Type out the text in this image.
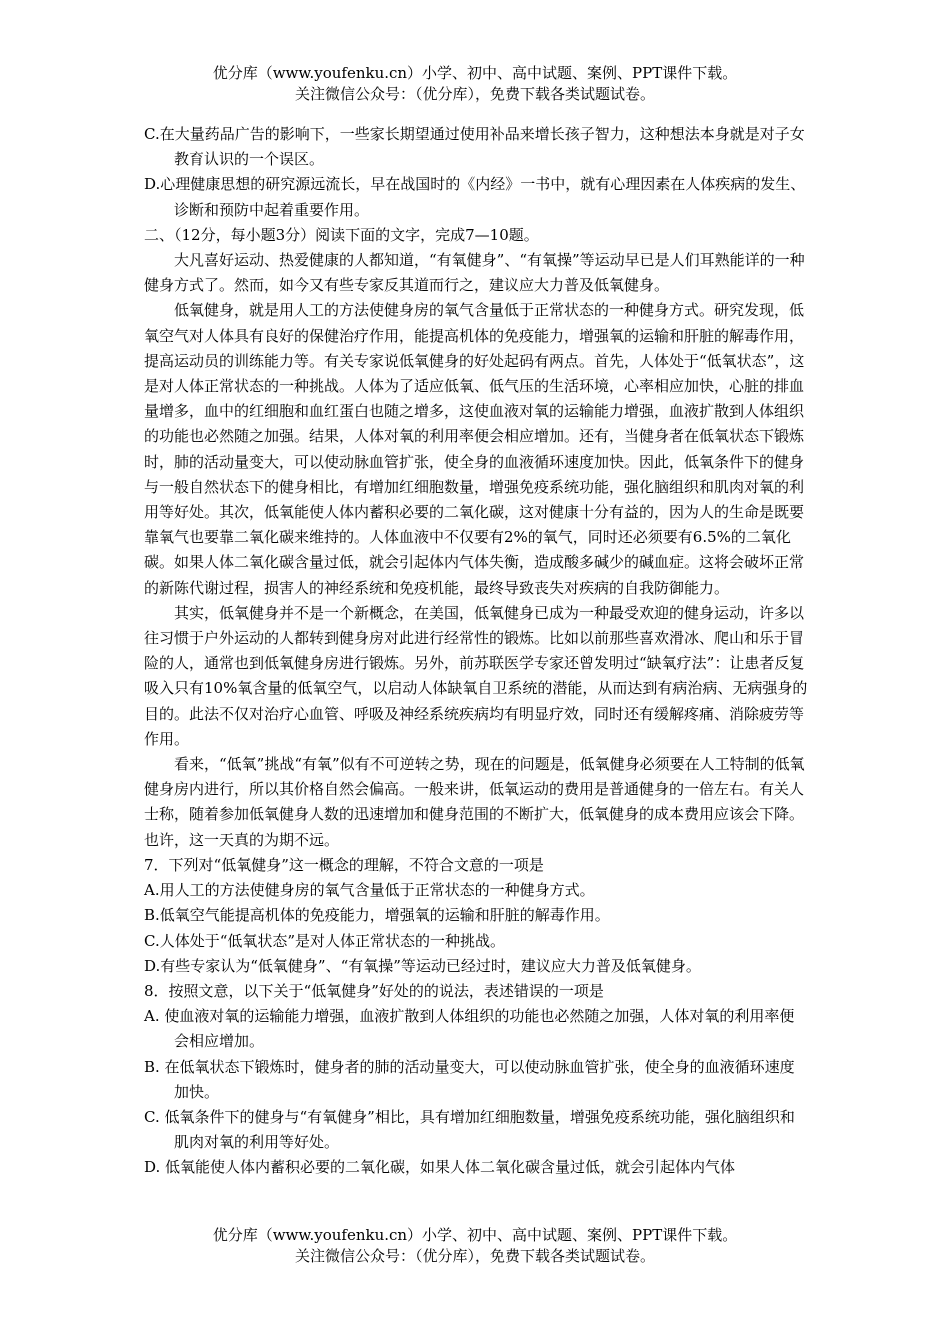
优分库（www.youfenku.cn）小学、初中、高中试题、案例、PPT课件下载。
关注微信公众号：（优分库），免费下载各类试题试卷。

C.在大量药品广告的影响下，一些家长期望通过使用补品来增长孩子智力，这种想法本身就是对子女教育认识的一个误区。

D.心理健康思想的研究源远流长，早在战国时的《内经》一书中，就有心理因素在人体疾病的发生、诊断和预防中起着重要作用。

二、（12分，每小题3分）阅读下面的文字，完成7—10题。

大凡喜好运动、热爱健康的人都知道，“有氧健身”、“有氧操”等运动早已是人们耳熟能详的一种健身方式了。然而，如今又有些专家反其道而行之，建议应大力普及低氧健身。

低氧健身，就是用人工的方法使健身房的氧气含量低于正常状态的一种健身方式。研究发现，低氧空气对人体具有良好的保健治疗作用，能提高机体的免疫能力，增强氧的运输和肝脏的解毒作用，提高运动员的训练能力等。有关专家说低氧健身的好处起码有两点。首先，人体处于“低氧状态”，这是对人体正常状态的一种挑战。人体为了适应低氧、低气压的生活环境，心率相应加快，心脏的排血量增多，血中的红细胞和血红蛋白也随之增多，这使血液对氧的运输能力增强，血液扩散到人体组织的功能也必然随之加强。结果，人体对氧的利用率便会相应增加。还有，当健身者在低氧状态下锻炼时，肺的活动量变大，可以使动脉血管扩张，使全身的血液循环速度加快。因此，低氧条件下的健身与一般自然状态下的健身相比，有增加红细胞数量，增强免疫系统功能，强化脑组织和肌肉对氧的利用等好处。其次，低氧能使人体内蓄积必要的二氧化碳，这对健康十分有益的，因为人的生命是既要靠氧气也要靠二氧化碳来维持的。人体血液中不仅要有2%的氧气，同时还必须要有6.5%的二氧化碳。如果人体二氧化碳含量过低，就会引起体内气体失衡，造成酸多碱少的碱血症。这将会破坏正常的新陈代谢过程，损害人的神经系统和免疫机能，最终导致丧失对疾病的自我防御能力。

其实，低氧健身并不是一个新概念，在美国，低氧健身已成为一种最受欢迎的健身运动，许多以往习惯于户外运动的人都转到健身房对此进行经常性的锻炼。比如以前那些喜欢滑冰、爬山和乐于冒险的人，通常也到低氧健身房进行锻炼。另外，前苏联医学专家还曾发明过“缺氧疗法”：让患者反复吸入只有10%氧含量的低氧空气，以启动人体缺氧自卫系统的潜能，从而达到有病治病、无病强身的目的。此法不仅对治疗心血管、呼吸及神经系统疾病均有明显疗效，同时还有缓解疼痛、消除疲劳等作用。

看来，“低氧”挑战“有氧”似有不可逆转之势，现在的问题是，低氧健身必须要在人工特制的低氧健身房内进行，所以其价格自然会偏高。一般来讲，低氧运动的费用是普通健身的一倍左右。有关人士称，随着参加低氧健身人数的迅速增加和健身范围的不断扩大，低氧健身的成本费用应该会下降。也许，这一天真的为期不远。

7．下列对“低氧健身”这一概念的理解，不符合文意的一项是

A.用人工的方法使健身房的氧气含量低于正常状态的一种健身方式。

B.低氧空气能提高机体的免疫能力，增强氧的运输和肝脏的解毒作用。

C.人体处于“低氧状态”是对人体正常状态的一种挑战。

D.有些专家认为“低氧健身”、“有氧操”等运动已经过时，建议应大力普及低氧健身。

8．按照文意，以下关于“低氧健身”好处的的说法，表述错误的一项是

A. 使血液对氧的运输能力增强，血液扩散到人体组织的功能也必然随之加强，人体对氧的利用率便会相应增加。

B. 在低氧状态下锻炼时，健身者的肺的活动量变大，可以使动脉血管扩张，使全身的血液循环速度加快。

C. 低氧条件下的健身与“有氧健身”相比，具有增加红细胞数量，增强免疫系统功能，强化脑组织和肌肉对氧的利用等好处。

D. 低氧能使人体内蓄积必要的二氧化碳，如果人体二氧化碳含量过低，就会引起体内气体

优分库（www.youfenku.cn）小学、初中、高中试题、案例、PPT课件下载。
关注微信公众号：（优分库），免费下载各类试题试卷。
